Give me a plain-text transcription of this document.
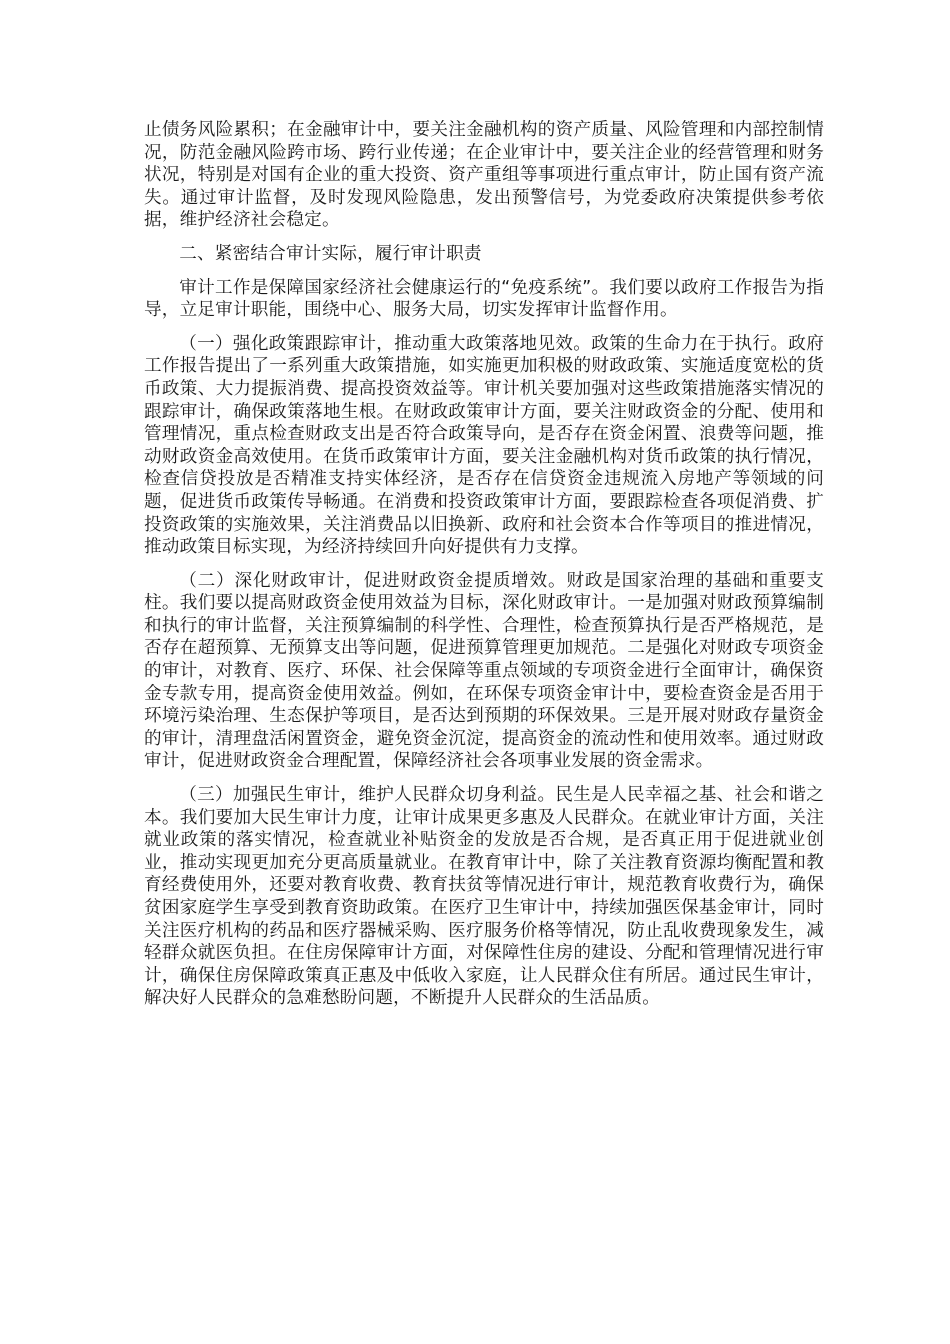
止债务风险累积；在金融审计中，要关注金融机构的资产质量、风险管理和内部控制情况，防范金融风险跨市场、跨行业传递；在企业审计中，要关注企业的经营管理和财务状况，特别是对国有企业的重大投资、资产重组等事项进行重点审计，防止国有资产流失。通过审计监督，及时发现风险隐患，发出预警信号，为党委政府决策提供参考依据，维护经济社会稳定。

二、紧密结合审计实际，履行审计职责

审计工作是保障国家经济社会健康运行的“免疫系统”。我们要以政府工作报告为指导，立足审计职能，围绕中心、服务大局，切实发挥审计监督作用。

（一）强化政策跟踪审计，推动重大政策落地见效。政策的生命力在于执行。政府工作报告提出了一系列重大政策措施，如实施更加积极的财政政策、实施适度宽松的货币政策、大力提振消费、提高投资效益等。审计机关要加强对这些政策措施落实情况的跟踪审计，确保政策落地生根。在财政政策审计方面，要关注财政资金的分配、使用和管理情况，重点检查财政支出是否符合政策导向，是否存在资金闲置、浪费等问题，推动财政资金高效使用。在货币政策审计方面，要关注金融机构对货币政策的执行情况，检查信贷投放是否精准支持实体经济，是否存在信贷资金违规流入房地产等领域的问题，促进货币政策传导畅通。在消费和投资政策审计方面，要跟踪检查各项促消费、扩投资政策的实施效果，关注消费品以旧换新、政府和社会资本合作等项目的推进情况，推动政策目标实现，为经济持续回升向好提供有力支撑。

（二）深化财政审计，促进财政资金提质增效。财政是国家治理的基础和重要支柱。我们要以提高财政资金使用效益为目标，深化财政审计。一是加强对财政预算编制和执行的审计监督，关注预算编制的科学性、合理性，检查预算执行是否严格规范，是否存在超预算、无预算支出等问题，促进预算管理更加规范。二是强化对财政专项资金的审计，对教育、医疗、环保、社会保障等重点领域的专项资金进行全面审计，确保资金专款专用，提高资金使用效益。例如，在环保专项资金审计中，要检查资金是否用于环境污染治理、生态保护等项目，是否达到预期的环保效果。三是开展对财政存量资金的审计，清理盘活闲置资金，避免资金沉淀，提高资金的流动性和使用效率。通过财政审计，促进财政资金合理配置，保障经济社会各项事业发展的资金需求。

（三）加强民生审计，维护人民群众切身利益。民生是人民幸福之基、社会和谐之本。我们要加大民生审计力度，让审计成果更多惠及人民群众。在就业审计方面，关注就业政策的落实情况，检查就业补贴资金的发放是否合规，是否真正用于促进就业创业，推动实现更加充分更高质量就业。在教育审计中，除了关注教育资源均衡配置和教育经费使用外，还要对教育收费、教育扶贫等情况进行审计，规范教育收费行为，确保贫困家庭学生享受到教育资助政策。在医疗卫生审计中，持续加强医保基金审计，同时关注医疗机构的药品和医疗器械采购、医疗服务价格等情况，防止乱收费现象发生，减轻群众就医负担。在住房保障审计方面，对保障性住房的建设、分配和管理情况进行审计，确保住房保障政策真正惠及中低收入家庭，让人民群众住有所居。通过民生审计，解决好人民群众的急难愁盼问题，不断提升人民群众的生活品质。
